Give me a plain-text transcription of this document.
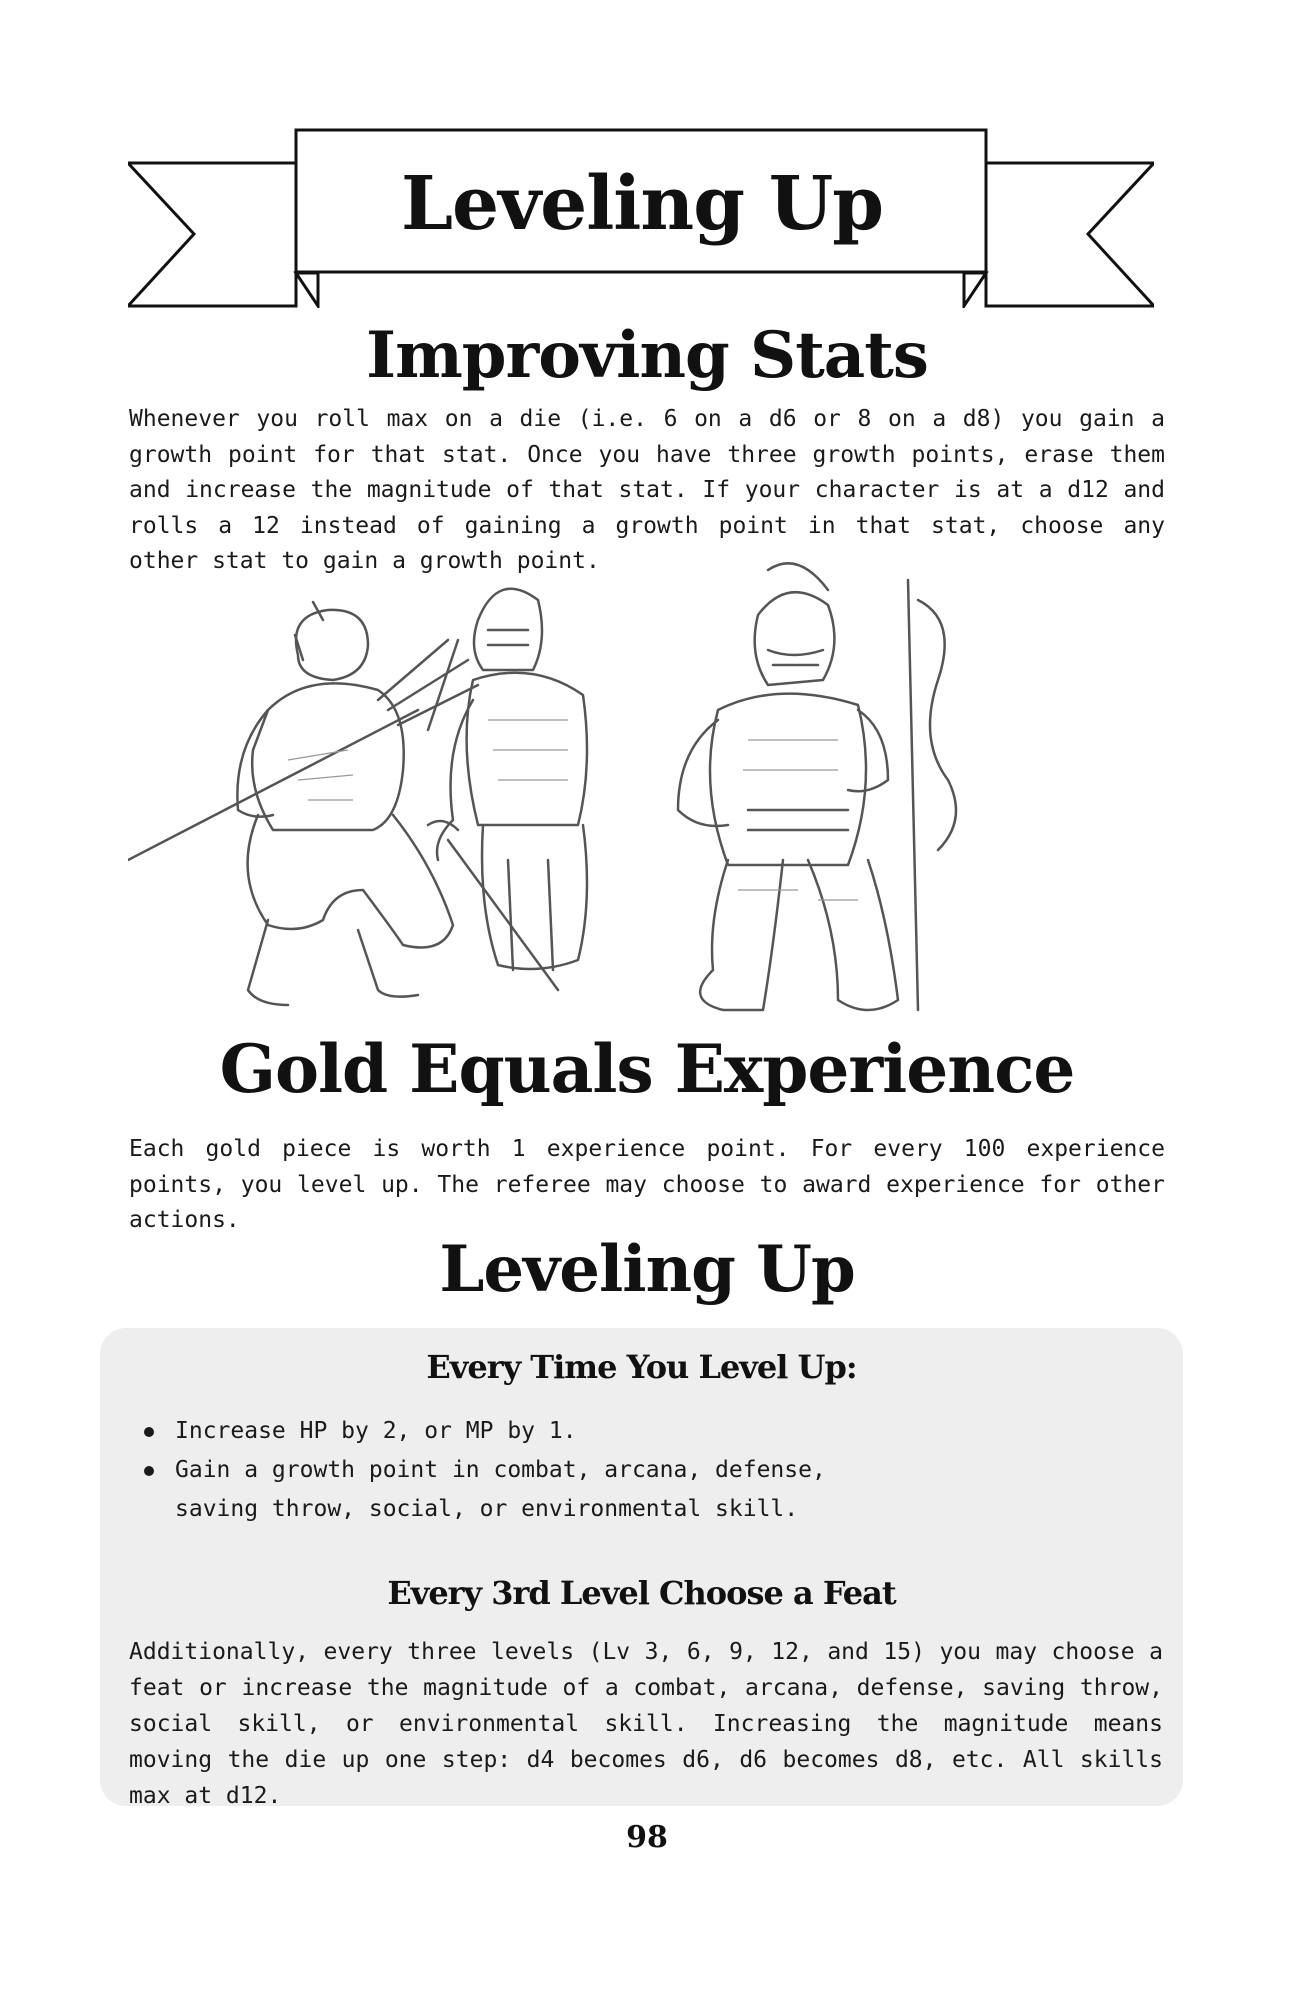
Leveling Up
Improving Stats

Whenever you roll max on a die (i.e. 6 on a d6 or 8 on a d8) you gain a growth point for that stat. Once you have three growth points, erase them and increase the magnitude of that stat. If your character is at a d12 and rolls a 12 instead of gaining a growth point in that stat, choose any other stat to gain a growth point.

Gold Equals Experience

Each gold piece is worth 1 experience point. For every 100 experience points, you level up. The referee may choose to award experience for other actions.

Leveling Up
Every Time You Level Up:
Increase HP by 2, or MP by 1.
Gain a growth point in combat, arcana, defense, saving throw, social, or environmental skill.
Every 3rd Level Choose a Feat

Additionally, every three levels (Lv 3, 6, 9, 12, and 15) you may choose a feat or increase the magnitude of a combat, arcana, defense, saving throw, social skill, or environmental skill. Increasing the magnitude means moving the die up one step: d4 becomes d6, d6 becomes d8, etc. All skills max at d12.

98
